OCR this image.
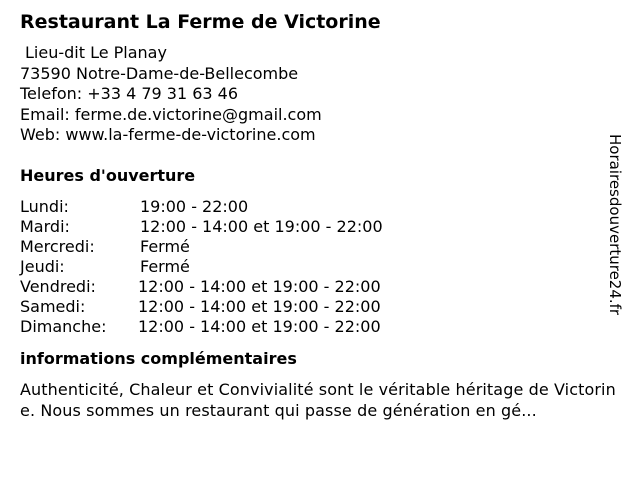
Restaurant La Ferme de Victorine
Lieu-dit Le Planay
73590 Notre-Dame-de-Bellecombe
Telefon: +33 4 79 31 63 46
Email: ferme.de.victorine@gmail.com
Web: www.la-ferme-de-victorine.com
Heures d'ouverture
Lundi:	19:00 - 22:00
Mardi:	12:00 - 14:00 et 19:00 - 22:00
Mercredi:	Fermé
Jeudi:	Fermé
Vendredi:	12:00 - 14:00 et 19:00 - 22:00
Samedi:	12:00 - 14:00 et 19:00 - 22:00
Dimanche:	12:00 - 14:00 et 19:00 - 22:00
informations complémentaires

Authenticité, Chaleur et Convivialité sont le véritable héritage de Victorine. Nous sommes un restaurant qui passe de génération en gé...

Horairesdouverture24.fr
